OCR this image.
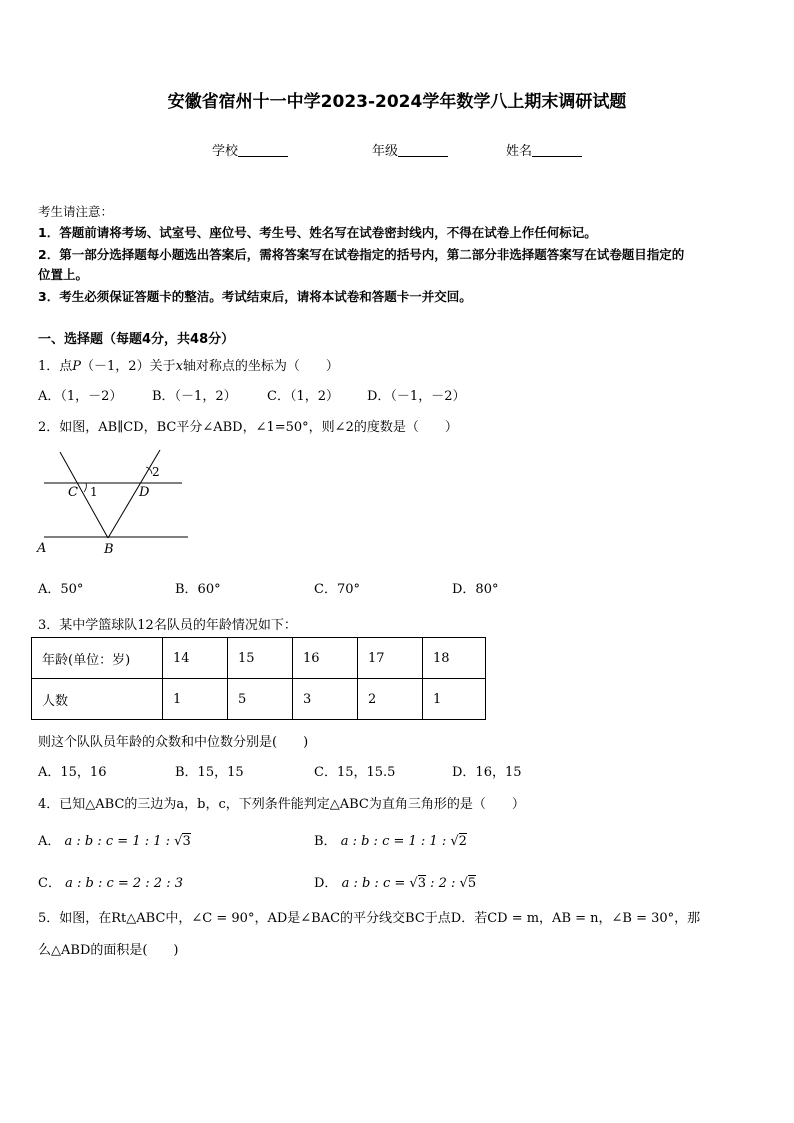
安徽省宿州十一中学2023-2024学年数学八上期末调研试题
学校	年级	姓名
考生请注意：
1．答题前请将考场、试室号、座位号、考生号、姓名写在试卷密封线内，不得在试卷上作任何标记。
2．第一部分选择题每小题选出答案后，需将答案写在试卷指定的括号内，第二部分非选择题答案写在试卷题目指定的
位置上。
3．考生必须保证答题卡的整洁。考试结束后，请将本试卷和答题卡一并交回。
一、选择题（每题4分，共48分）
1．点P（－1，2）关于x轴对称点的坐标为（　　）
A．（1，－2） B．（－1，2） C．（1，2） D．（－1，－2）
2．如图，AB∥CD，BC平分∠ABD，∠1=50°，则∠2的度数是（　　）
C 1	D
2
A	B
A．50°	B．60°	C．70°	D．80°
3．某中学篮球队12名队员的年龄情况如下：
年龄(单位：岁)	14	15	16	17	18
人数	1	5	3	2	1
则这个队队员年龄的众数和中位数分别是(　　)
A．15，16	B．15，15	C．15，15.5	D．16，15
4．已知△ABC的三边为a，b，c，下列条件能判定△ABC为直角三角形的是（　　）
A． a : b : c = 1 : 1 : √3	B． a : b : c = 1 : 1 : √2
C． a : b : c = 2 : 2 : 3	D． a : b : c = √3 : 2 : √5
5．如图，在Rt△ABC中，∠C = 90°，AD是∠BAC的平分线交BC于点D．若CD = m，AB = n，∠B = 30°，那
么△ABD的面积是(　　)
